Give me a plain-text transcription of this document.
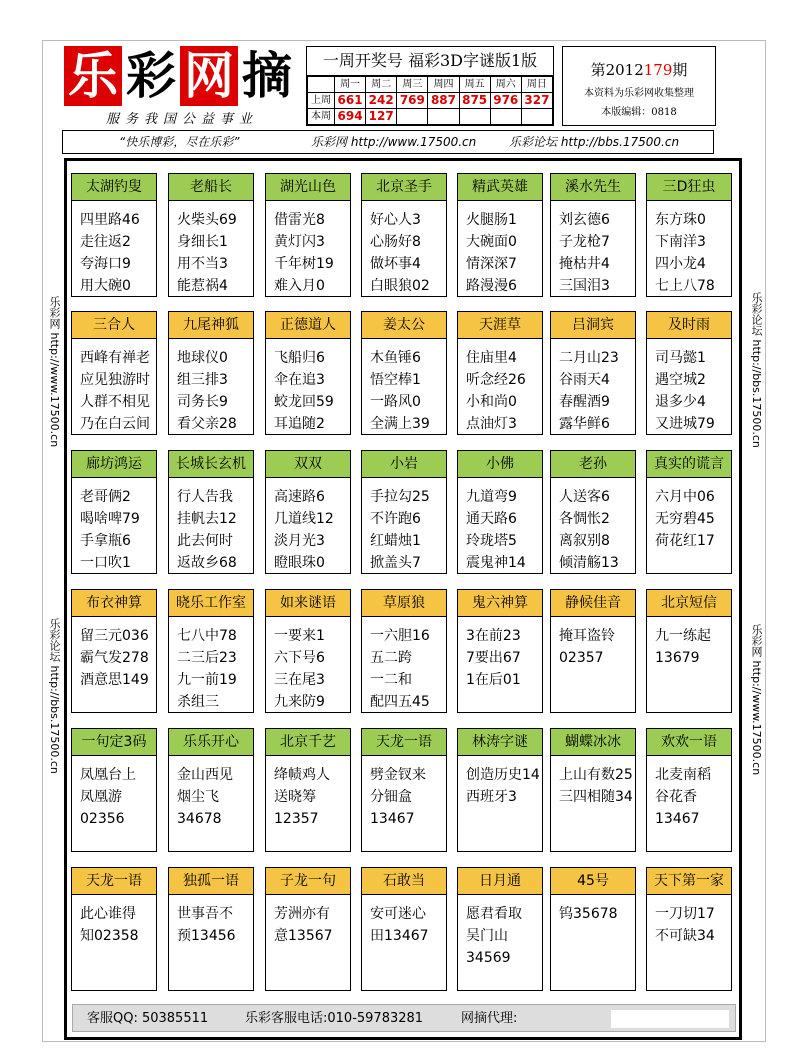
乐 彩 网 摘
服务我国公益事业
一周开奖号 福彩3D字谜版1版
	周一	周二	周三	周四	周五	周六	周日
上周	661	242	769	887	875	976	327
本周	694	127					
第2012179期
本资料为乐彩网收集整理
本版编辑：0818
“快乐博彩，尽在乐彩”	乐彩网 http://www.17500.cn	乐彩论坛 http://bbs.17500.cn
乐彩网 http://www.17500.cn
乐彩论坛 http://bbs.17500.cn
乐彩论坛 http://bbs.17500.cn
乐彩网 http://www.17500.cn
太湖钓叟
四里路46
走往返2
夸海口9
用大碗0
老船长
火柴头69
身细长1
用不当3
能惹祸4
湖光山色
借雷光8
黄灯闪3
千年树19
难入月0
北京圣手
好心人3
心肠好8
做坏事4
白眼狼02
精武英雄
火腿肠1
大碗面0
情深深7
路漫漫6
溪水先生
刘玄德6
子龙枪7
掩枯井4
三国泪3
三D狂虫
东方珠0
下南洋3
四小龙4
七上八78
三合人
西峰有禅老
应见独游时
人群不相见
乃在白云间
九尾神狐
地球仪0
组三排3
司务长9
看父亲28
正德道人
飞船归6
伞在追3
蛟龙回59
耳追随2
姜太公
木鱼锤6
悟空棒1
一路风0
全满上39
天涯草
住庙里4
听念经26
小和尚0
点油灯3
吕洞宾
二月山23
谷雨天4
春醒酒9
露华鲜6
及时雨
司马懿1
遇空城2
退多少4
又进城79
廊坊鸿运
老哥俩2
喝啥啤79
手拿瓶6
一口吹1
长城长玄机
行人告我
挂帆去12
此去何时
返故乡68
双双
高速路6
几道线12
淡月光3
瞪眼珠0
小岩
手拉勾25
不许跑6
红蜡烛1
掀盖头7
小佛
九道弯9
通天路6
玲珑塔5
震鬼神14
老孙
人送客6
各惆怅2
离叙别8
倾清觞13
真实的谎言
六月中06
无穷碧45
荷花红17
布衣神算
留三元036
霸气发278
酒意思149
晓乐工作室
七八中78
二三后23
九一前19
杀组三
如来谜语
一要来1
六下号6
三在尾3
九来防9
草原狼
一六胆16
五二跨
一二和
配四五45
鬼六神算
3在前23
7要出67
1在后01
静候佳音
掩耳盗铃
02357
北京短信
九一练起
13679
一句定3码
凤凰台上
凤凰游
02356
乐乐开心
金山西见
烟尘飞
34678
北京千艺
绛帻鸡人
送晓筹
12357
天龙一语
劈金钗来
分钿盒
13467
林涛字谜
创造历史14
西班牙3
蝴蝶冰冰
上山有数25
三四相随34
欢欢一语
北麦南稻
谷花香
13467
天龙一语
此心谁得
知02358
独孤一语
世事吾不
预13456
子龙一句
芳洲亦有
意13567
石敢当
安可迷心
田13467
日月通
愿君看取
吴门山
34569
45号
钨35678
天下第一家
一刀切17
不可缺34
客服QQ: 50385511	乐彩客服电话:010-59783281	网摘代理:
